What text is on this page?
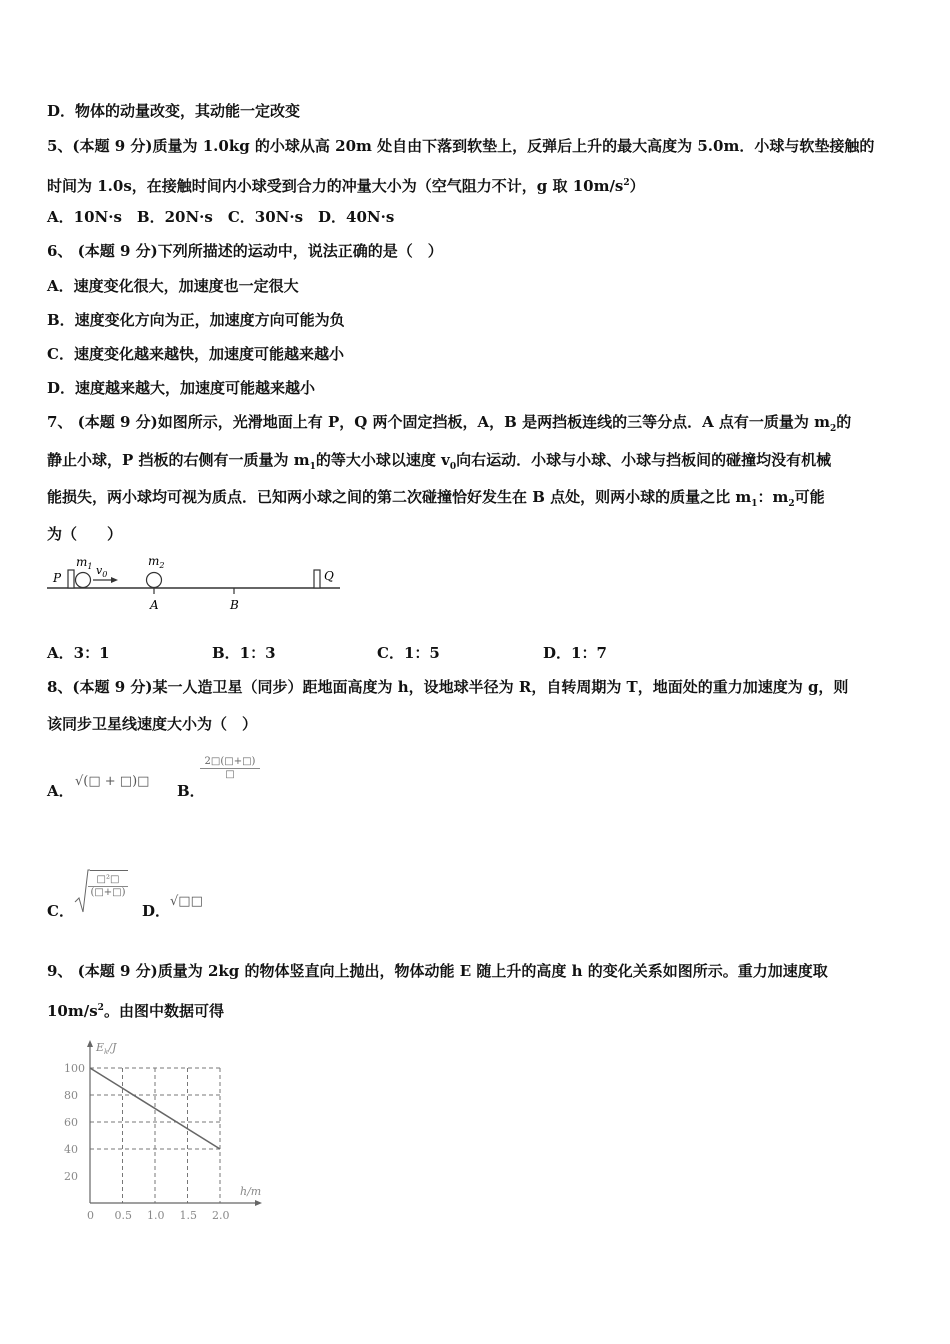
D．物体的动量改变，其动能一定改变
5、(本题 9 分)质量为 1.0kg 的小球从高 20m 处自由下落到软垫上，反弹后上升的最大高度为 5.0m．小球与软垫接触的
时间为 1.0s，在接触时间内小球受到合力的冲量大小为（空气阻力不计，g 取 $10m/s^2$）
A．10N·s　B．20N·s　C．30N·s　D．40N·s
6、 (本题 9 分)下列所描述的运动中，说法正确的是（　）
A．速度变化很大，加速度也一定很大
B．速度变化方向为正，加速度方向可能为负
C．速度变化越来越快，加速度可能越来越小
D．速度越来越大，加速度可能越来越小
7、 (本题 9 分)如图所示，光滑地面上有 P，Q 两个固定挡板，A，B 是两挡板连线的三等分点．A 点有一质量为 $m_2$的
静止小球，P 挡板的右侧有一质量为 $m_1$的等大小球以速度 $v_0$向右运动．小球与小球、小球与挡板间的碰撞均没有机械
能损失，两小球均可视为质点．已知两小球之间的第二次碰撞恰好发生在 B 点处，则两小球的质量之比 $m_1$：$m_2$可能
为（　　）
P	Q
$m_1$ $v_0$
$m_2$
A	B
A．3：1	B．1：3	C．1：5	D．1：7
8、(本题 9 分)某一人造卫星（同步）距地面高度为 h，设地球半径为 R，自转周期为 T，地面处的重力加速度为 g，则
该同步卫星线速度大小为（　）
A．
√(□ + □)□
B．
2□(□+□)
□
C．
□²□
(□+□)
D．
√□□
9、 (本题 9 分)质量为 2kg 的物体竖直向上抛出，物体动能 E 随上升的高度 h 的变化关系如图所示。重力加速度取
$10m/s^2$。由图中数据可得
20
40
60
80
100
0 0.5 1.0 1.5 2.0
$E_k/J$
h/m
